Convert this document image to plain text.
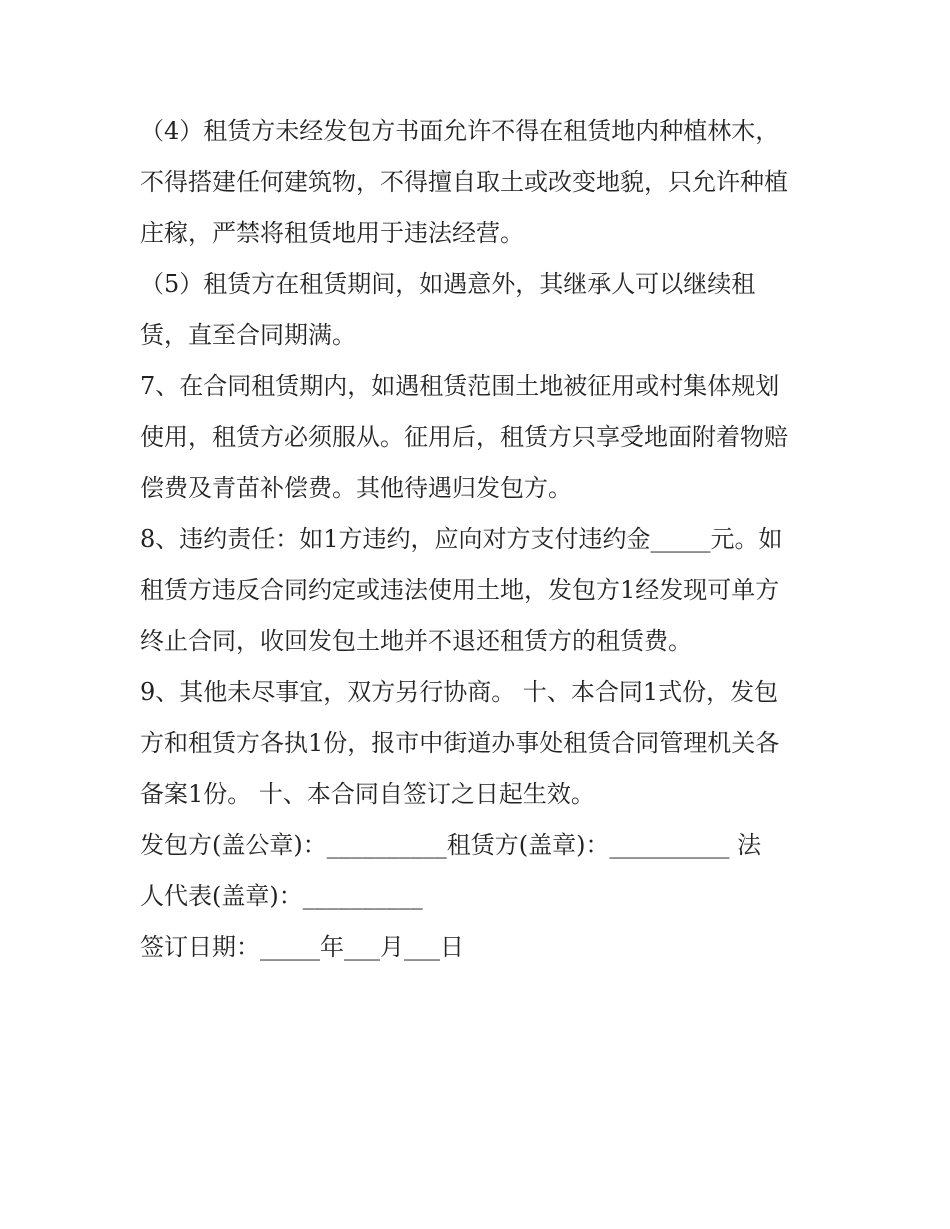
（4）租赁方未经发包方书面允许不得在租赁地内种植林木，
不得搭建任何建筑物，不得擅自取土或改变地貌，只允许种植
庄稼，严禁将租赁地用于违法经营。
（5）租赁方在租赁期间，如遇意外，其继承人可以继续租
赁，直至合同期满。
7、在合同租赁期内，如遇租赁范围土地被征用或村集体规划
使用，租赁方必须服从。征用后，租赁方只享受地面附着物赔
偿费及青苗补偿费。其他待遇归发包方。
8、违约责任：如1方违约，应向对方支付违约金_____元。如
租赁方违反合同约定或违法使用土地，发包方1经发现可单方
终止合同，收回发包土地并不退还租赁方的租赁费。
9、其他未尽事宜，双方另行协商。 十、本合同1式份，发包
方和租赁方各执1份，报市中街道办事处租赁合同管理机关各
备案1份。 十、本合同自签订之日起生效。
发包方(盖公章)：__________租赁方(盖章)：__________ 法
人代表(盖章)：__________
签订日期：_____年___月___日
